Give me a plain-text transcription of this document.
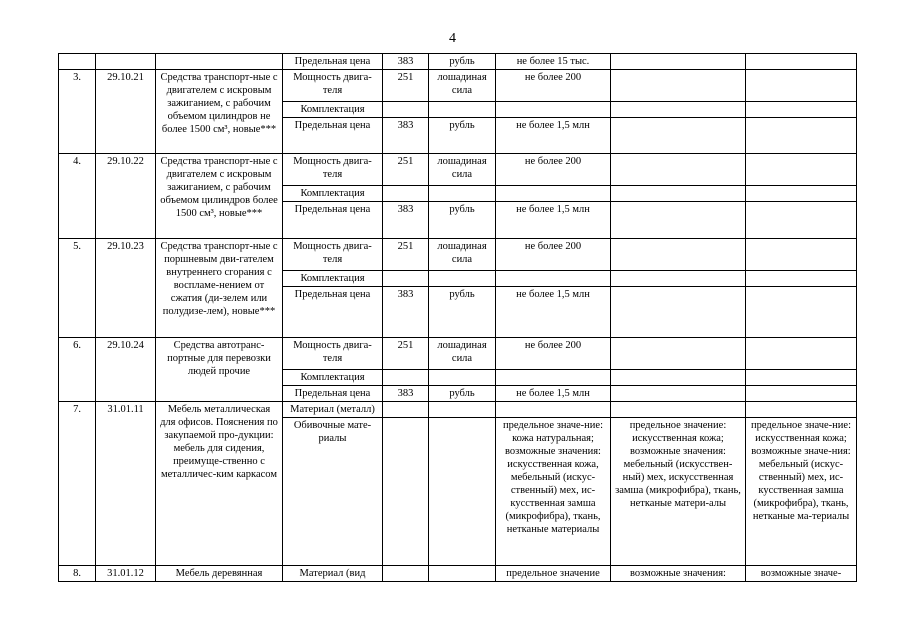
4
			Предельная цена	383	рубль	не более 15 тыс.		
3.	29.10.21	Средства транспорт-ные с двигателем с искровым зажиганием, с рабочим объемом цилиндров не более 1500 см³, новые***	Мощность двига-теля	251	лошадиная сила	не более 200		
			Комплектация					
			Предельная цена	383	рубль	не более 1,5 млн		
4.	29.10.22	Средства транспорт-ные с двигателем с искровым зажиганием, с рабочим объемом цилиндров более 1500 см³, новые***	Мощность двига-теля	251	лошадиная сила	не более 200		
			Комплектация					
			Предельная цена	383	рубль	не более 1,5 млн		
5.	29.10.23	Средства транспорт-ные с поршневым дви-гателем внутреннего сгорания с воспламе-нением от сжатия (ди-зелем или полудизе-лем), новые***	Мощность двига-теля	251	лошадиная сила	не более 200		
			Комплектация					
			Предельная цена	383	рубль	не более 1,5 млн		
6.	29.10.24	Средства автотранс-портные для перевозки людей прочие	Мощность двига-теля	251	лошадиная сила	не более 200		
			Комплектация					
			Предельная цена	383	рубль	не более 1,5 млн		
7.	31.01.11	Мебель металлическая для офисов. Пояснения по закупаемой про-дукции: мебель для сидения, преимуще-ственно с металличес-ким каркасом	Материал (металл)					
			Обивочные мате-риалы			предельное значе-ние: кожа натуральная; возможные значения: искусственная кожа, мебельный (искус-ственный) мех, ис-кусственная замша (микрофибра), ткань, нетканые материалы	предельное значение: искусственная кожа; возможные значения: мебельный (искусствен-ный) мех, искусственная замша (микрофибра), ткань, нетканые матери-алы	предельное значе-ние: искусственная кожа; возможные значе-ния: мебельный (искус-ственный) мех, ис-кусственная замша (микрофибра), ткань, нетканые ма-териалы
8.	31.01.12	Мебель деревянная	Материал (вид			предельное значение	возможные значения:	возможные значе-
